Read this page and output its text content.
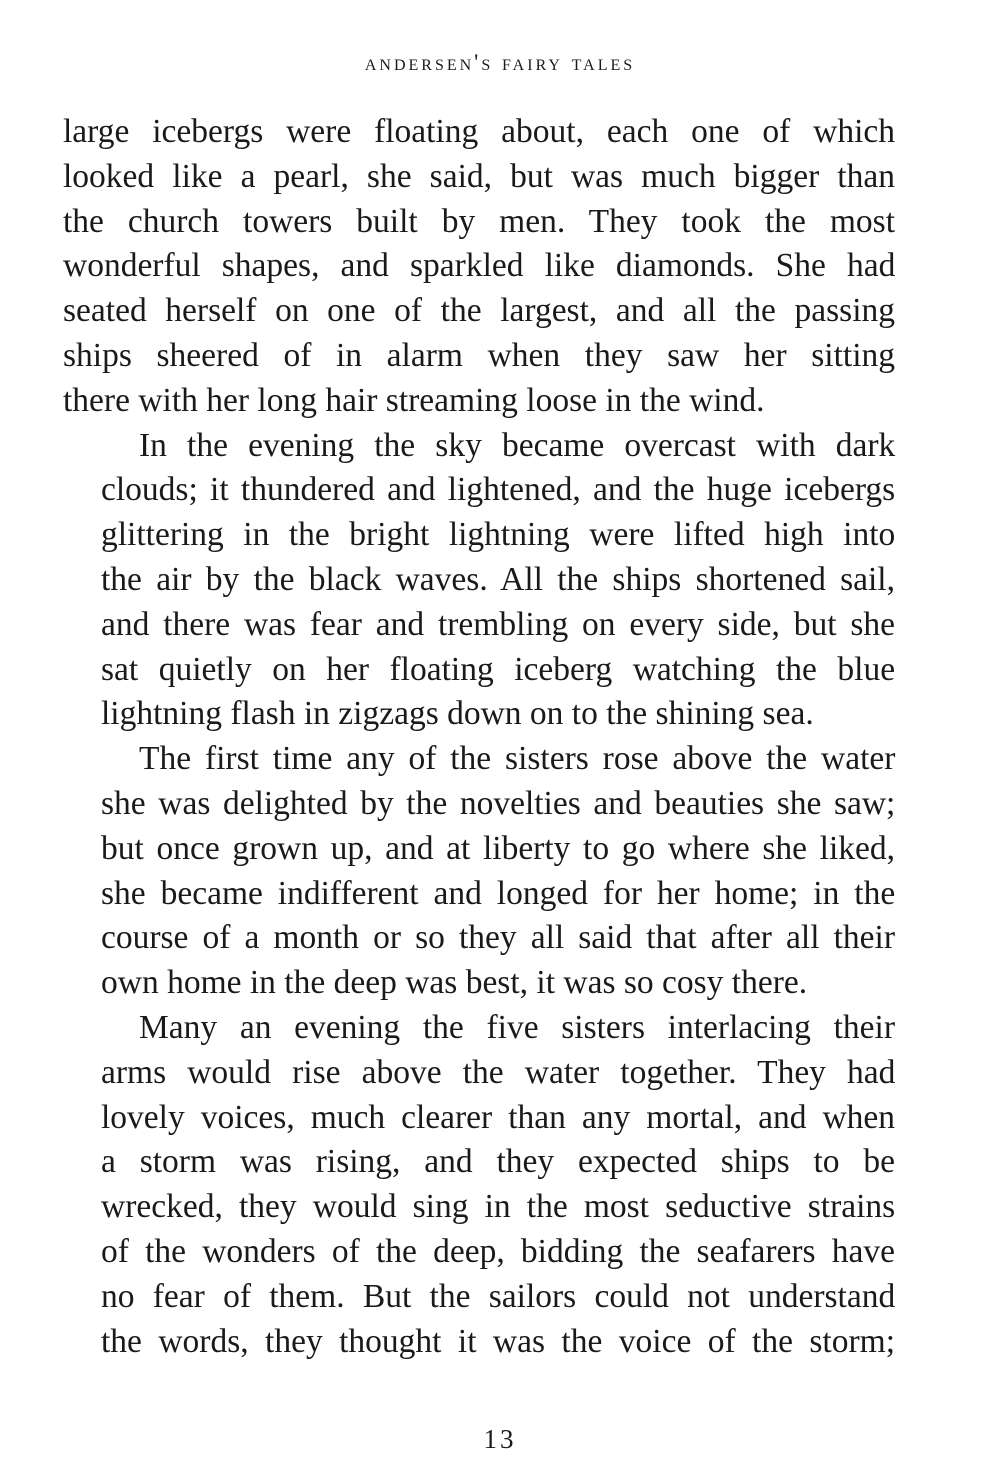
andersen's fairy tales

large icebergs were floating about, each one of which
looked like a pearl, she said, but was much bigger than
the church towers built by men. They took the most
wonderful shapes, and sparkled like diamonds. She had
seated herself on one of the largest, and all the passing
ships sheered of in alarm when they saw her sitting
there with her long hair streaming loose in the wind.

In the evening the sky became overcast with dark
clouds; it thundered and lightened, and the huge icebergs
glittering in the bright lightning were lifted high into
the air by the black waves. All the ships shortened sail,
and there was fear and trembling on every side, but she
sat quietly on her floating iceberg watching the blue
lightning flash in zigzags down on to the shining sea.

The first time any of the sisters rose above the water
she was delighted by the novelties and beauties she saw;
but once grown up, and at liberty to go where she liked,
she became indifferent and longed for her home; in the
course of a month or so they all said that after all their
own home in the deep was best, it was so cosy there.

Many an evening the five sisters interlacing their
arms would rise above the water together. They had
lovely voices, much clearer than any mortal, and when
a storm was rising, and they expected ships to be
wrecked, they would sing in the most seductive strains
of the wonders of the deep, bidding the seafarers have
no fear of them. But the sailors could not understand
the words, they thought it was the voice of the storm;

13
